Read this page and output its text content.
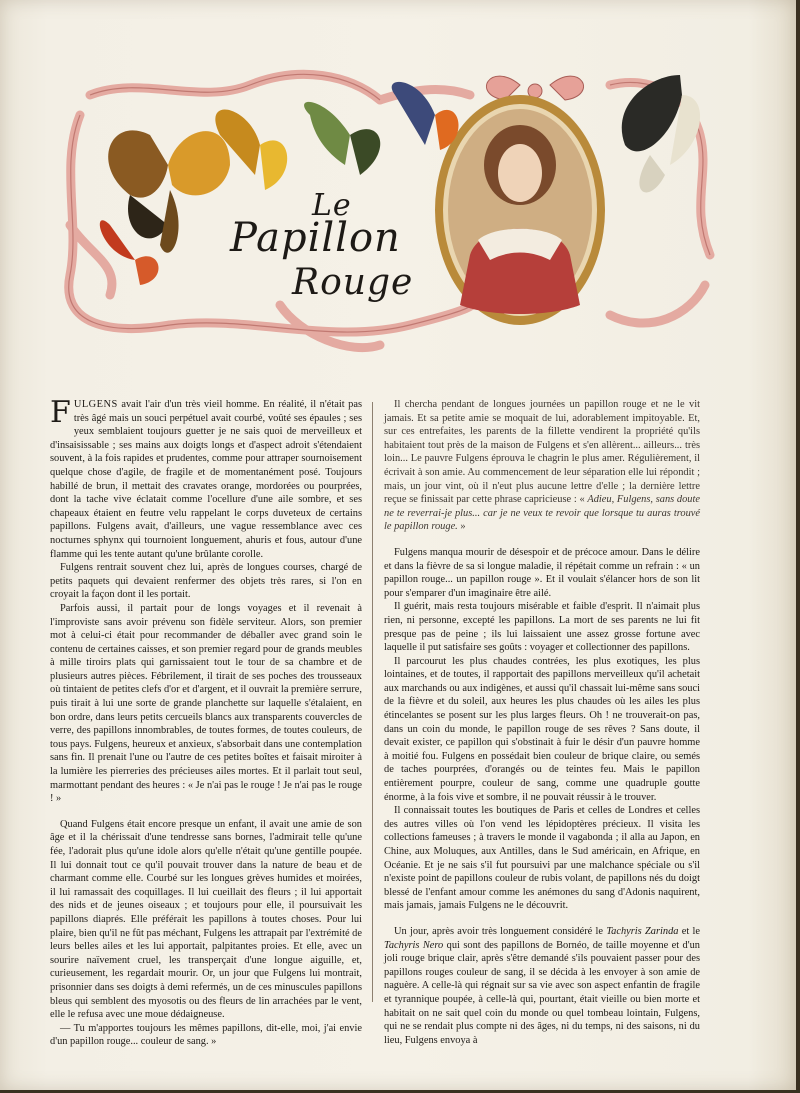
Le
Papillon
Rouge

FULGENS avait l'air d'un très vieil homme. En réalité, il n'était pas très âgé mais un souci perpétuel avait courbé, voûté ses épaules ; ses yeux semblaient toujours guetter je ne sais quoi de merveilleux et d'insaisissable ; ses mains aux doigts longs et d'aspect adroit s'étendaient souvent, à la fois rapides et prudentes, comme pour attraper sournoisement quelque chose d'agile, de fragile et de momentanément posé. Toujours habillé de brun, il mettait des cravates orange, mordorées ou pourprées, dont la tache vive éclatait comme l'ocellure d'une aile sombre, et ses chapeaux étaient en feutre velu rappelant le corps duveteux de certains papillons. Fulgens avait, d'ailleurs, une vague ressemblance avec ces nocturnes sphynx qui tournoient longuement, ahuris et fous, autour d'une flamme qui les tente autant qu'une brûlante corolle.

Fulgens rentrait souvent chez lui, après de longues courses, chargé de petits paquets qui devaient renfermer des objets très rares, si l'on en croyait la façon dont il les portait.

Parfois aussi, il partait pour de longs voyages et il revenait à l'improviste sans avoir prévenu son fidèle serviteur. Alors, son premier mot à celui-ci était pour recommander de déballer avec grand soin le contenu de certaines caisses, et son premier regard pour de grands meubles à mille tiroirs plats qui garnissaient tout le tour de sa chambre et de plusieurs autres pièces. Fébrilement, il tirait de ses poches des trousseaux où tintaient de petites clefs d'or et d'argent, et il ouvrait la première serrure, puis tirait à lui une sorte de grande planchette sur laquelle s'étalaient, en bon ordre, dans leurs petits cercueils blancs aux transparents couvercles de verre, des papillons innombrables, de toutes formes, de toutes couleurs, de tous pays. Fulgens, heureux et anxieux, s'absorbait dans une contemplation sans fin. Il prenait l'une ou l'autre de ces petites boîtes et faisait miroiter à la lumière les pierreries des précieuses ailes mortes. Et il parlait tout seul, marmottant pendant des heures : « Je n'ai pas le rouge ! Je n'ai pas le rouge ! »

Quand Fulgens était encore presque un enfant, il avait une amie de son âge et il la chérissait d'une tendresse sans bornes, l'admirait telle qu'une fée, l'adorait plus qu'une idole alors qu'elle n'était qu'une gentille poupée. Il lui donnait tout ce qu'il pouvait trouver dans la nature de beau et de charmant comme elle. Courbé sur les longues grèves humides et moirées, il lui ramassait des coquillages. Il lui cueillait des fleurs ; il lui apportait des nids et de jeunes oiseaux ; et toujours pour elle, il poursuivait les papillons diaprés. Elle préférait les papillons à toutes choses. Pour lui plaire, bien qu'il ne fût pas méchant, Fulgens les attrapait par l'extrémité de leurs belles ailes et les lui apportait, palpitantes proies. Et elle, avec un sourire naïvement cruel, les transperçait d'une longue aiguille, et, curieusement, les regardait mourir. Or, un jour que Fulgens lui montrait, prisonnier dans ses doigts à demi refermés, un de ces minuscules papillons bleus qui semblent des myosotis ou des fleurs de lin arrachées par le vent, elle le refusa avec une moue dédaigneuse.

— Tu m'apportes toujours les mêmes papillons, dit-elle, moi, j'ai envie d'un papillon rouge... couleur de sang. »

Il chercha pendant de longues journées un papillon rouge et ne le vit jamais. Et sa petite amie se moquait de lui, adorablement impitoyable. Et, sur ces entrefaites, les parents de la fillette vendirent la propriété qu'ils habitaient tout près de la maison de Fulgens et s'en allèrent... ailleurs... très loin... Le pauvre Fulgens éprouva le chagrin le plus amer. Régulièrement, il écrivait à son amie. Au commencement de leur séparation elle lui répondit ; mais, un jour vint, où il n'eut plus aucune lettre d'elle ; la dernière lettre reçue se finissait par cette phrase capricieuse : « Adieu, Fulgens, sans doute ne te reverrai-je plus... car je ne veux te revoir que lorsque tu auras trouvé le papillon rouge. »

Fulgens manqua mourir de désespoir et de précoce amour. Dans le délire et dans la fièvre de sa si longue maladie, il répétait comme un refrain : « un papillon rouge... un papillon rouge ». Et il voulait s'élancer hors de son lit pour s'emparer d'un imaginaire être ailé.

Il guérit, mais resta toujours misérable et faible d'esprit. Il n'aimait plus rien, ni personne, excepté les papillons. La mort de ses parents ne lui fit presque pas de peine ; ils lui laissaient une assez grosse fortune avec laquelle il put satisfaire ses goûts : voyager et collectionner des papillons.

Il parcourut les plus chaudes contrées, les plus exotiques, les plus lointaines, et de toutes, il rapportait des papillons merveilleux qu'il achetait aux marchands ou aux indigènes, et aussi qu'il chassait lui-même sans souci de la fièvre et du soleil, aux heures les plus chaudes où les ailes les plus étincelantes se posent sur les plus larges fleurs. Oh ! ne trouverait-on pas, dans un coin du monde, le papillon rouge de ses rêves ? Sans doute, il devait exister, ce papillon qui s'obstinait à fuir le désir d'un pauvre homme à moitié fou. Fulgens en possédait bien couleur de brique claire, ou semés de taches pourprées, d'orangés ou de teintes feu. Mais le papillon entièrement pourpre, couleur de sang, comme une quadruple goutte énorme, à la fois vive et sombre, il ne pouvait réussir à le trouver.

Il connaissait toutes les boutiques de Paris et celles de Londres et celles des autres villes où l'on vend les lépidoptères précieux. Il visita les collections fameuses ; à travers le monde il vagabonda ; il alla au Japon, en Chine, aux Moluques, aux Antilles, dans le Sud américain, en Afrique, en Océanie. Et je ne sais s'il fut poursuivi par une malchance spéciale ou s'il n'existe point de papillons couleur de rubis volant, de papillons nés du doigt blessé de l'enfant amour comme les anémones du sang d'Adonis naquirent, mais jamais, jamais Fulgens ne le découvrit.

Un jour, après avoir très longuement considéré le Tachyris Zarinda et le Tachyris Nero qui sont des papillons de Bornéo, de taille moyenne et d'un joli rouge brique clair, après s'être demandé s'ils pouvaient passer pour des papillons rouges couleur de sang, il se décida à les envoyer à son amie de naguère. A celle-là qui régnait sur sa vie avec son aspect enfantin de fragile et tyrannique poupée, à celle-là qui, pourtant, était vieille ou bien morte et habitait on ne sait quel coin du monde ou quel tombeau lointain, Fulgens, qui ne se rendait plus compte ni des âges, ni du temps, ni des saisons, ni du lieu, Fulgens envoya à
